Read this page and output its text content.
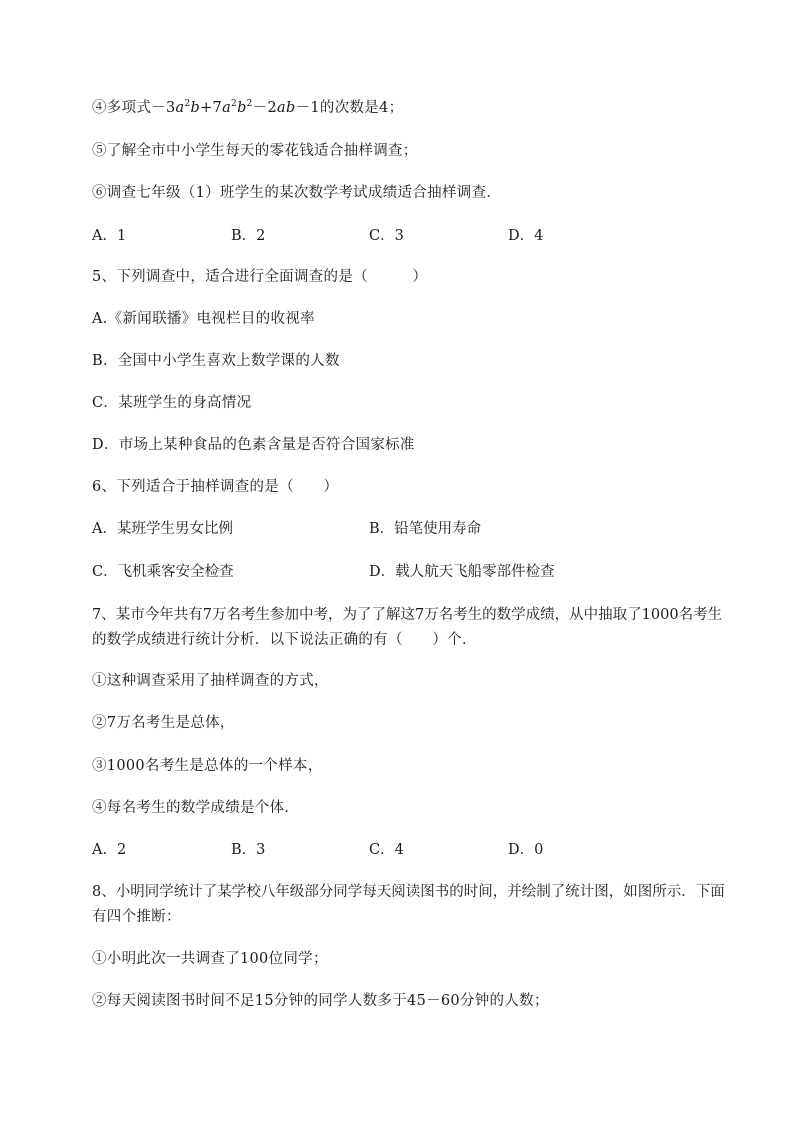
④多项式$-3a^2b+7a^2b^2-2ab-1$的次数是4；
⑤了解全市中小学生每天的零花钱适合抽样调查；
⑥调查七年级（1）班学生的某次数学考试成绩适合抽样调查．
A．1	B．2	C．3	D．4
5、下列调查中，适合进行全面调查的是（　　　）
A.《新闻联播》电视栏目的收视率
B．全国中小学生喜欢上数学课的人数
C．某班学生的身高情况
D．市场上某种食品的色素含量是否符合国家标准
6、下列适合于抽样调查的是（　　）
A．某班学生男女比例	B．铅笔使用寿命
C．飞机乘客安全检查	D．载人航天飞船零部件检查
7、某市今年共有7万名考生参加中考，为了了解这7万名考生的数学成绩，从中抽取了1000名考生
的数学成绩进行统计分析．以下说法正确的有（　　）个．
①这种调查采用了抽样调查的方式，
②7万名考生是总体，
③1000名考生是总体的一个样本，
④每名考生的数学成绩是个体．
A．2	B．3	C．4	D．0
8、小明同学统计了某学校八年级部分同学每天阅读图书的时间，并绘制了统计图，如图所示．下面
有四个推断：
①小明此次一共调查了100位同学；
②每天阅读图书时间不足15分钟的同学人数多于45－60分钟的人数；
